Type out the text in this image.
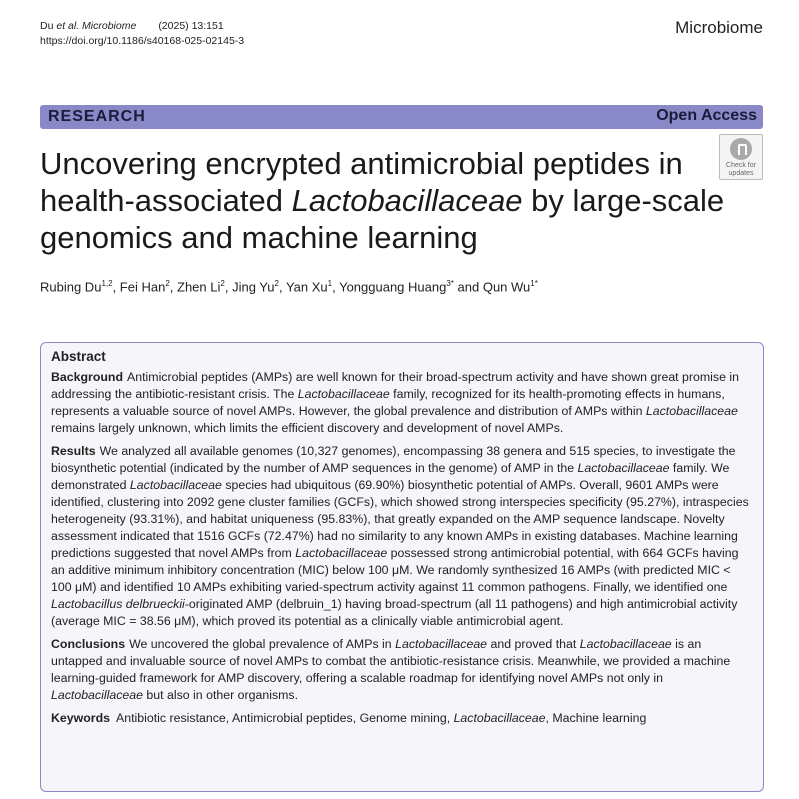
Du et al. Microbiome (2025) 13:151
https://doi.org/10.1186/s40168-025-02145-3
Microbiome
RESEARCH	Open Access
Check for
updates
Uncovering encrypted antimicrobial peptides in health-associated Lactobacillaceae by large-scale genomics and machine learning
Rubing Du$^{1,2}$, Fei Han$^2$, Zhen Li$^2$, Jing Yu$^2$, Yan Xu$^1$, Yongguang Huang$^{3*}$ and Qun $Wu^{1*}$

Abstract

Background Antimicrobial peptides (AMPs) are well known for their broad-spectrum activity and have shown great promise in addressing the antibiotic-resistant crisis. The Lactobacillaceae family, recognized for its health-promoting effects in humans, represents a valuable source of novel AMPs. However, the global prevalence and distribution of AMPs within Lactobacillaceae remains largely unknown, which limits the efficient discovery and development of novel AMPs.

Results We analyzed all available genomes (10,327 genomes), encompassing 38 genera and 515 species, to investigate the biosynthetic potential (indicated by the number of AMP sequences in the genome) of AMP in the Lactobacillaceae family. We demonstrated Lactobacillaceae species had ubiquitous (69.90%) biosynthetic potential of AMPs. Overall, 9601 AMPs were identified, clustering into 2092 gene cluster families (GCFs), which showed strong interspecies specificity (95.27%), intraspecies heterogeneity (93.31%), and habitat uniqueness (95.83%), that greatly expanded on the AMP sequence landscape. Novelty assessment indicated that 1516 GCFs (72.47%) had no similarity to any known AMPs in existing databases. Machine learning predictions suggested that novel AMPs from Lactobacillaceae possessed strong antimicrobial potential, with 664 GCFs having an additive minimum inhibitory concentration (MIC) below 100 μM. We randomly synthesized 16 AMPs (with predicted MIC < 100 μM) and identified 10 AMPs exhibiting varied-spectrum activity against 11 common pathogens. Finally, we identified one Lactobacillus delbrueckii-originated AMP (delbruin_1) having broad-spectrum (all 11 pathogens) and high antimicrobial activity (average MIC = 38.56 μM), which proved its potential as a clinically viable antimicrobial agent.

Conclusions We uncovered the global prevalence of AMPs in Lactobacillaceae and proved that Lactobacillaceae is an untapped and invaluable source of novel AMPs to combat the antibiotic-resistance crisis. Meanwhile, we provided a machine learning-guided framework for AMP discovery, offering a scalable roadmap for identifying novel AMPs not only in Lactobacillaceae but also in other organisms.

Keywords Antibiotic resistance, Antimicrobial peptides, Genome mining, Lactobacillaceae, Machine learning
